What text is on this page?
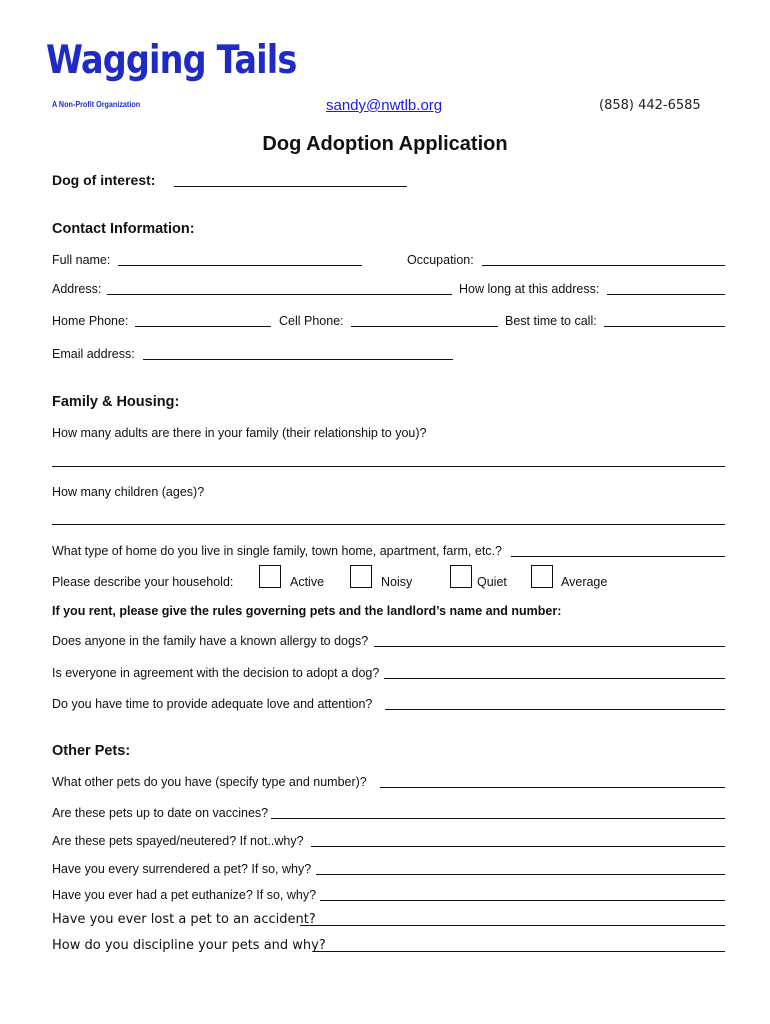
Wagging Tails
A Non-Profit Organization	sandy@nwtlb.org	(858) 442-6585
Dog Adoption Application
Dog of interest:
Contact Information:
Full name:	Occupation:
Address:	How long at this address:
Home Phone:	Cell Phone:	Best time to call:
Email address:
Family & Housing:
How many adults are there in your family (their relationship to you)?
How many children (ages)?
What type of home do you live in single family, town home, apartment, farm, etc.?
Please describe your household:	Active	Noisy	Quiet	Average
If you rent, please give the rules governing pets and the landlord’s name and number:
Does anyone in the family have a known allergy to dogs?
Is everyone in agreement with the decision to adopt a dog?
Do you have time to provide adequate love and attention?
Other Pets:
What other pets do you have (specify type and number)?
Are these pets up to date on vaccines?
Are these pets spayed/neutered? If not..why?
Have you every surrendered a pet? If so, why?
Have you ever had a pet euthanize? If so, why?
Have you ever lost a pet to an accident?
How do you discipline your pets and why?
